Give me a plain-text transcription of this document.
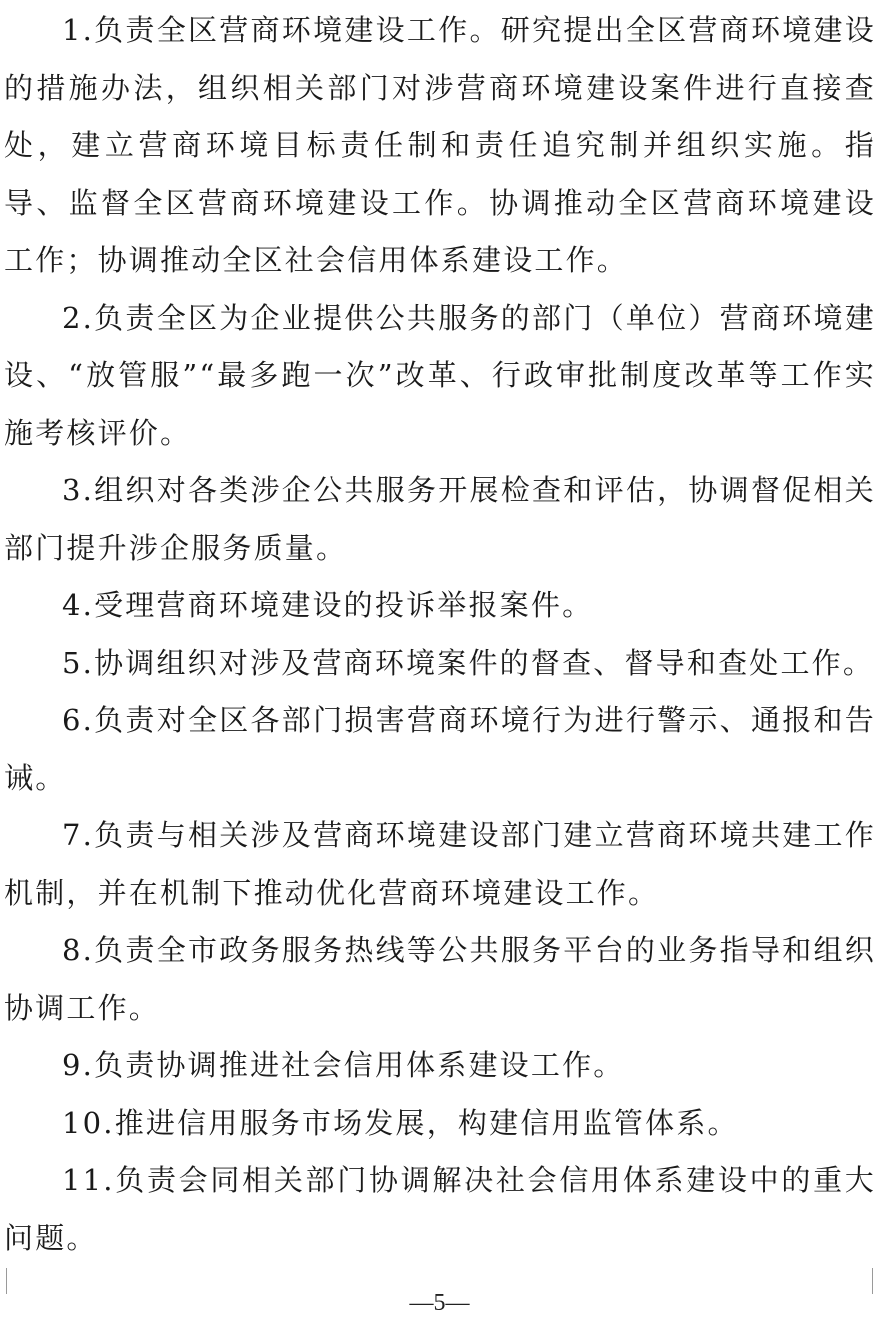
1.负责全区营商环境建设工作。研究提出全区营商环境建设的措施办法，组织相关部门对涉营商环境建设案件进行直接查处，建立营商环境目标责任制和责任追究制并组织实施。指导、监督全区营商环境建设工作。协调推动全区营商环境建设工作；协调推动全区社会信用体系建设工作。

2.负责全区为企业提供公共服务的部门（单位）营商环境建设、“放管服”“最多跑一次”改革、行政审批制度改革等工作实施考核评价。

3.组织对各类涉企公共服务开展检查和评估，协调督促相关部门提升涉企服务质量。

4.受理营商环境建设的投诉举报案件。

5.协调组织对涉及营商环境案件的督查、督导和查处工作。

6.负责对全区各部门损害营商环境行为进行警示、通报和告诫。

7.负责与相关涉及营商环境建设部门建立营商环境共建工作机制，并在机制下推动优化营商环境建设工作。

8.负责全市政务服务热线等公共服务平台的业务指导和组织协调工作。

9.负责协调推进社会信用体系建设工作。

10.推进信用服务市场发展，构建信用监管体系。

11.负责会同相关部门协调解决社会信用体系建设中的重大问题。

—5—
